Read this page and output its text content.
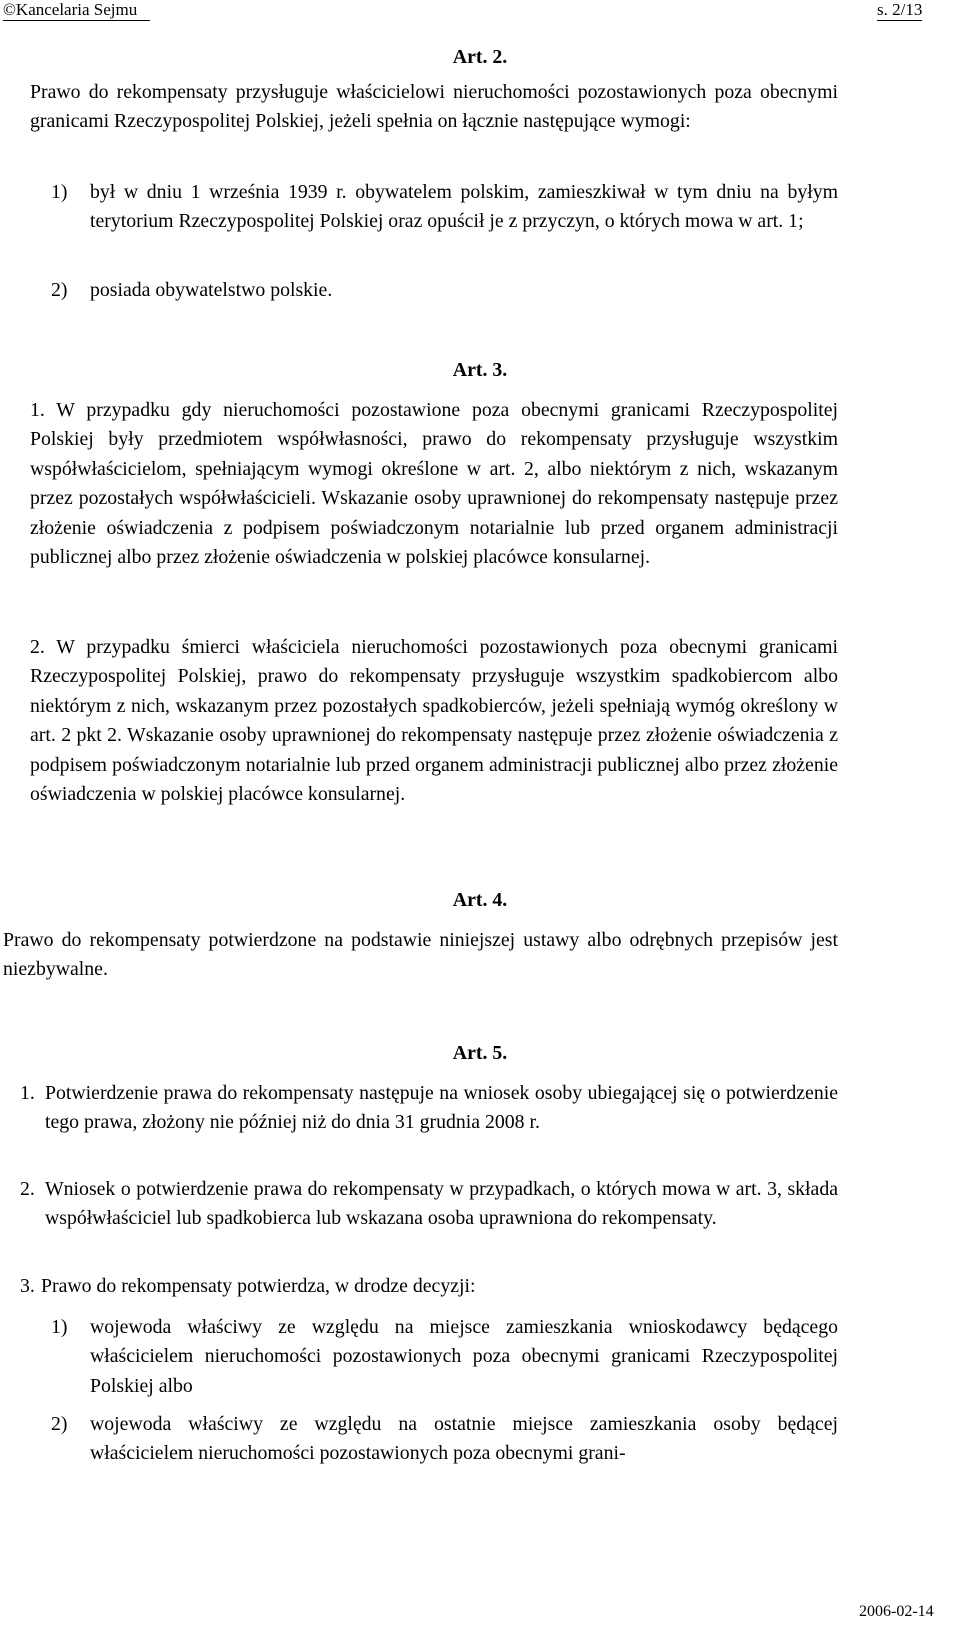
©Kancelaria Sejmu	s. 2/13
Art. 2.

Prawo do rekompensaty przysługuje właścicielowi nieruchomości pozostawionych poza obecnymi granicami Rzeczypospolitej Polskiej, jeżeli spełnia on łącznie następujące wymogi:

1) był w dniu 1 września 1939 r. obywatelem polskim, zamieszkiwał w tym dniu na byłym terytorium Rzeczypospolitej Polskiej oraz opuścił je z przyczyn, o których mowa w art. 1;

2) posiada obywatelstwo polskie.

Art. 3.

1. W przypadku gdy nieruchomości pozostawione poza obecnymi granicami Rzeczypospolitej Polskiej były przedmiotem współwłasności, prawo do rekompensaty przysługuje wszystkim współwłaścicielom, spełniającym wymogi określone w art. 2, albo niektórym z nich, wskazanym przez pozostałych współwłaścicieli. Wskazanie osoby uprawnionej do rekompensaty następuje przez złożenie oświadczenia z podpisem poświadczonym notarialnie lub przed organem administracji publicznej albo przez złożenie oświadczenia w polskiej placówce konsularnej.

2. W przypadku śmierci właściciela nieruchomości pozostawionych poza obecnymi granicami Rzeczypospolitej Polskiej, prawo do rekompensaty przysługuje wszystkim spadkobiercom albo niektórym z nich, wskazanym przez pozostałych spadkobierców, jeżeli spełniają wymóg określony w art. 2 pkt 2. Wskazanie osoby uprawnionej do rekompensaty następuje przez złożenie oświadczenia z podpisem poświadczonym notarialnie lub przed organem administracji publicznej albo przez złożenie oświadczenia w polskiej placówce konsularnej.

Art. 4.

Prawo do rekompensaty potwierdzone na podstawie niniejszej ustawy albo odrębnych przepisów jest niezbywalne.

Art. 5.
1. Potwierdzenie prawa do rekompensaty następuje na wniosek osoby ubiegającej się o potwierdzenie tego prawa, złożony nie później niż do dnia 31 grudnia 2008 r.

2. Wniosek o potwierdzenie prawa do rekompensaty w przypadkach, o których mowa w art. 3, składa współwłaściciel lub spadkobierca lub wskazana osoba uprawniona do rekompensaty.

3. Prawo do rekompensaty potwierdza, w drodze decyzji:

1) wojewoda właściwy ze względu na miejsce zamieszkania wnioskodawcy będącego właścicielem nieruchomości pozostawionych poza obecnymi granicami Rzeczypospolitej Polskiej albo

2) wojewoda właściwy ze względu na ostatnie miejsce zamieszkania osoby będącej właścicielem nieruchomości pozostawionych poza obecnymi grani-

2006-02-14
